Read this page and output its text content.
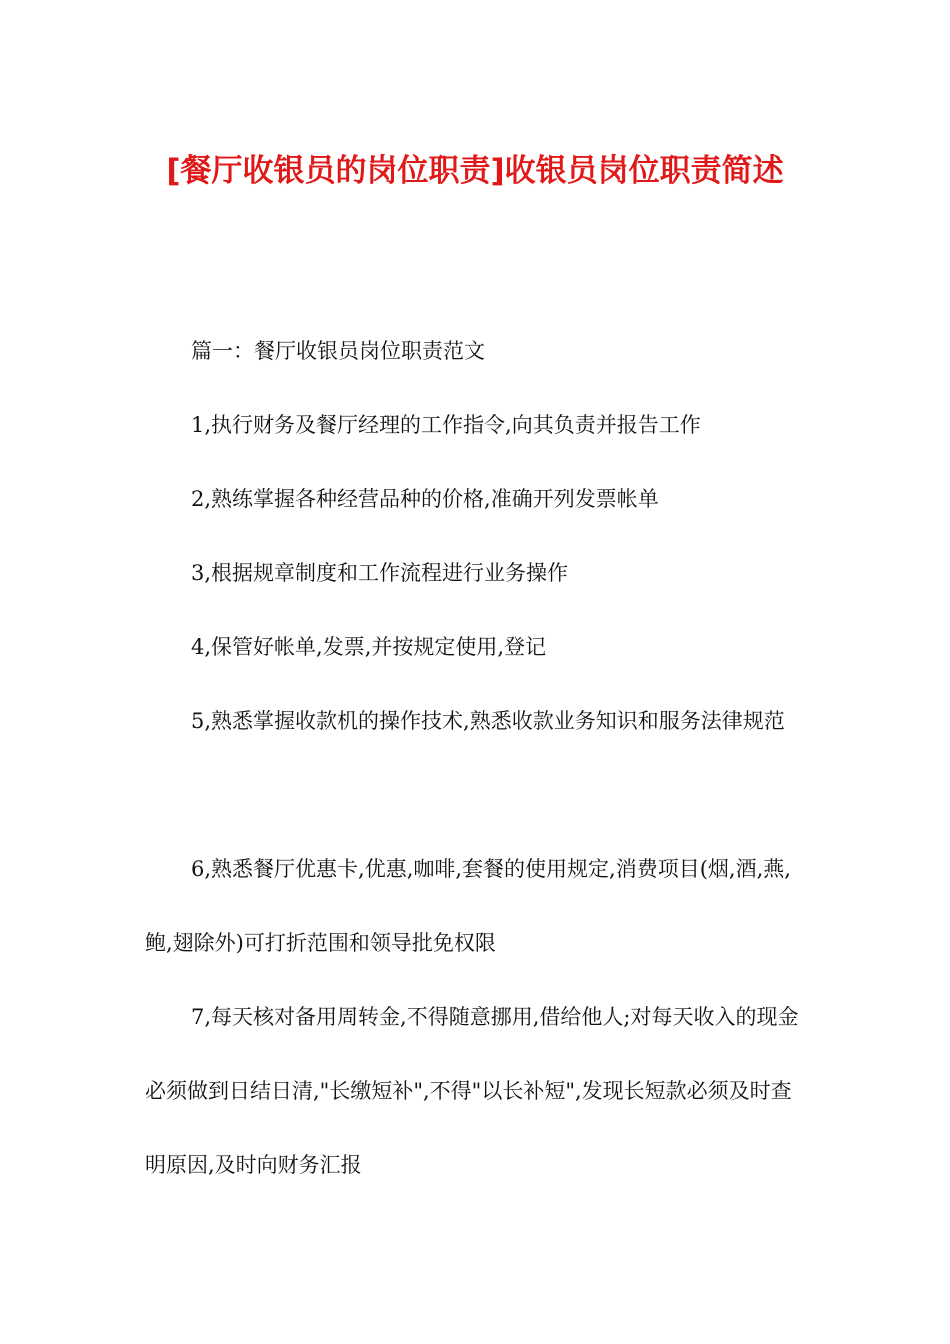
[餐厅收银员的岗位职责]收银员岗位职责简述

篇一：餐厅收银员岗位职责范文

1,执行财务及餐厅经理的工作指令,向其负责并报告工作

2,熟练掌握各种经营品种的价格,准确开列发票帐单

3,根据规章制度和工作流程进行业务操作

4,保管好帐单,发票,并按规定使用,登记

5,熟悉掌握收款机的操作技术,熟悉收款业务知识和服务法律规范

6,熟悉餐厅优惠卡,优惠,咖啡,套餐的使用规定,消费项目(烟,酒,燕,鲍,翅除外)可打折范围和领导批免权限

7,每天核对备用周转金,不得随意挪用,借给他人;对每天收入的现金必须做到日结日清,"长缴短补",不得"以长补短",发现长短款必须及时查明原因,及时向财务汇报
